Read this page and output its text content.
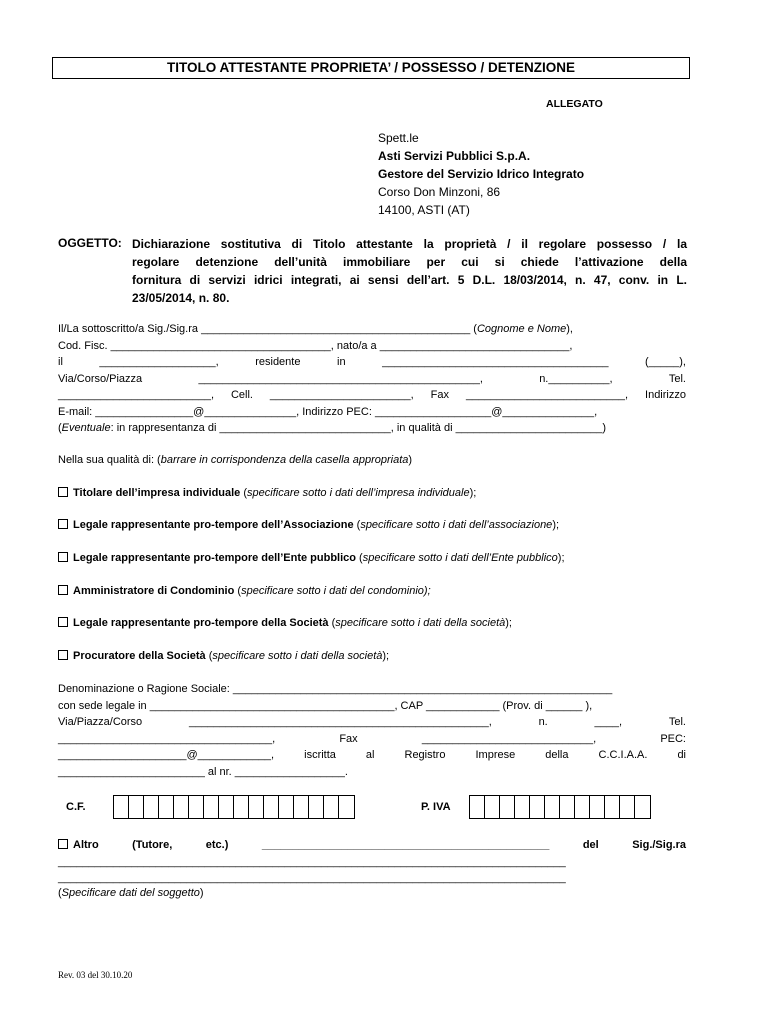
TITOLO ATTESTANTE PROPRIETA’ / POSSESSO / DETENZIONE
ALLEGATO
Spett.le
Asti Servizi Pubblici S.p.A.
Gestore del Servizio Idrico Integrato
Corso Don Minzoni, 86
14100, ASTI (AT)
OGGETTO: Dichiarazione sostitutiva di Titolo attestante la proprietà / il regolare possesso / la
regolare detenzione dell’unità immobiliare per cui si chiede l’attivazione della
fornitura di servizi idrici integrati, ai sensi dell’art. 5 D.L. 18/03/2014, n. 47, conv. in L.
23/05/2014, n. 80.
Il/La sottoscritto/a Sig./Sig.ra ____________________________________________ (Cognome e Nome),
Cod. Fisc. ____________________________________, nato/a a _______________________________,
il	___________________,	residente	in	_____________________________________	(_____),
Via/Corso/Piazza	______________________________________________,	n.__________,	Tel.
_________________________, Cell. _______________________, Fax __________________________, Indirizzo
E-mail: ________________@_______________, Indirizzo PEC: ___________________@_______________,
(Eventuale: in rappresentanza di ____________________________, in qualità di ________________________)
Nella sua qualità di: (barrare in corrispondenza della casella appropriata)
Titolare dell’impresa individuale (specificare sotto i dati dell’impresa individuale);
Legale rappresentante pro-tempore dell’Associazione (specificare sotto i dati dell’associazione);
Legale rappresentante pro-tempore dell’Ente pubblico (specificare sotto i dati dell’Ente pubblico);
Amministratore di Condominio (specificare sotto i dati del condominio);
Legale rappresentante pro-tempore della Società (specificare sotto i dati della società);
Procuratore della Società (specificare sotto i dati della società);
Denominazione o Ragione Sociale: ______________________________________________________________
con sede legale in ________________________________________, CAP ____________ (Prov. di ______ ),
Via/Piazza/Corso	_________________________________________________,	n.	____,	Tel.
___________________________________,	Fax	____________________________,	PEC:
_____________________@____________,	iscritta	al	Registro	Imprese	della	C.C.I.A.A.	di
________________________ al nr. __________________.
C.F.	P. IVA
Altro	(Tutore,	etc.)	_______________________________________________	del	Sig./Sig.ra
___________________________________________________________________________________
___________________________________________________________________________________
(Specificare dati del soggetto)
Rev. 03 del 30.10.20
